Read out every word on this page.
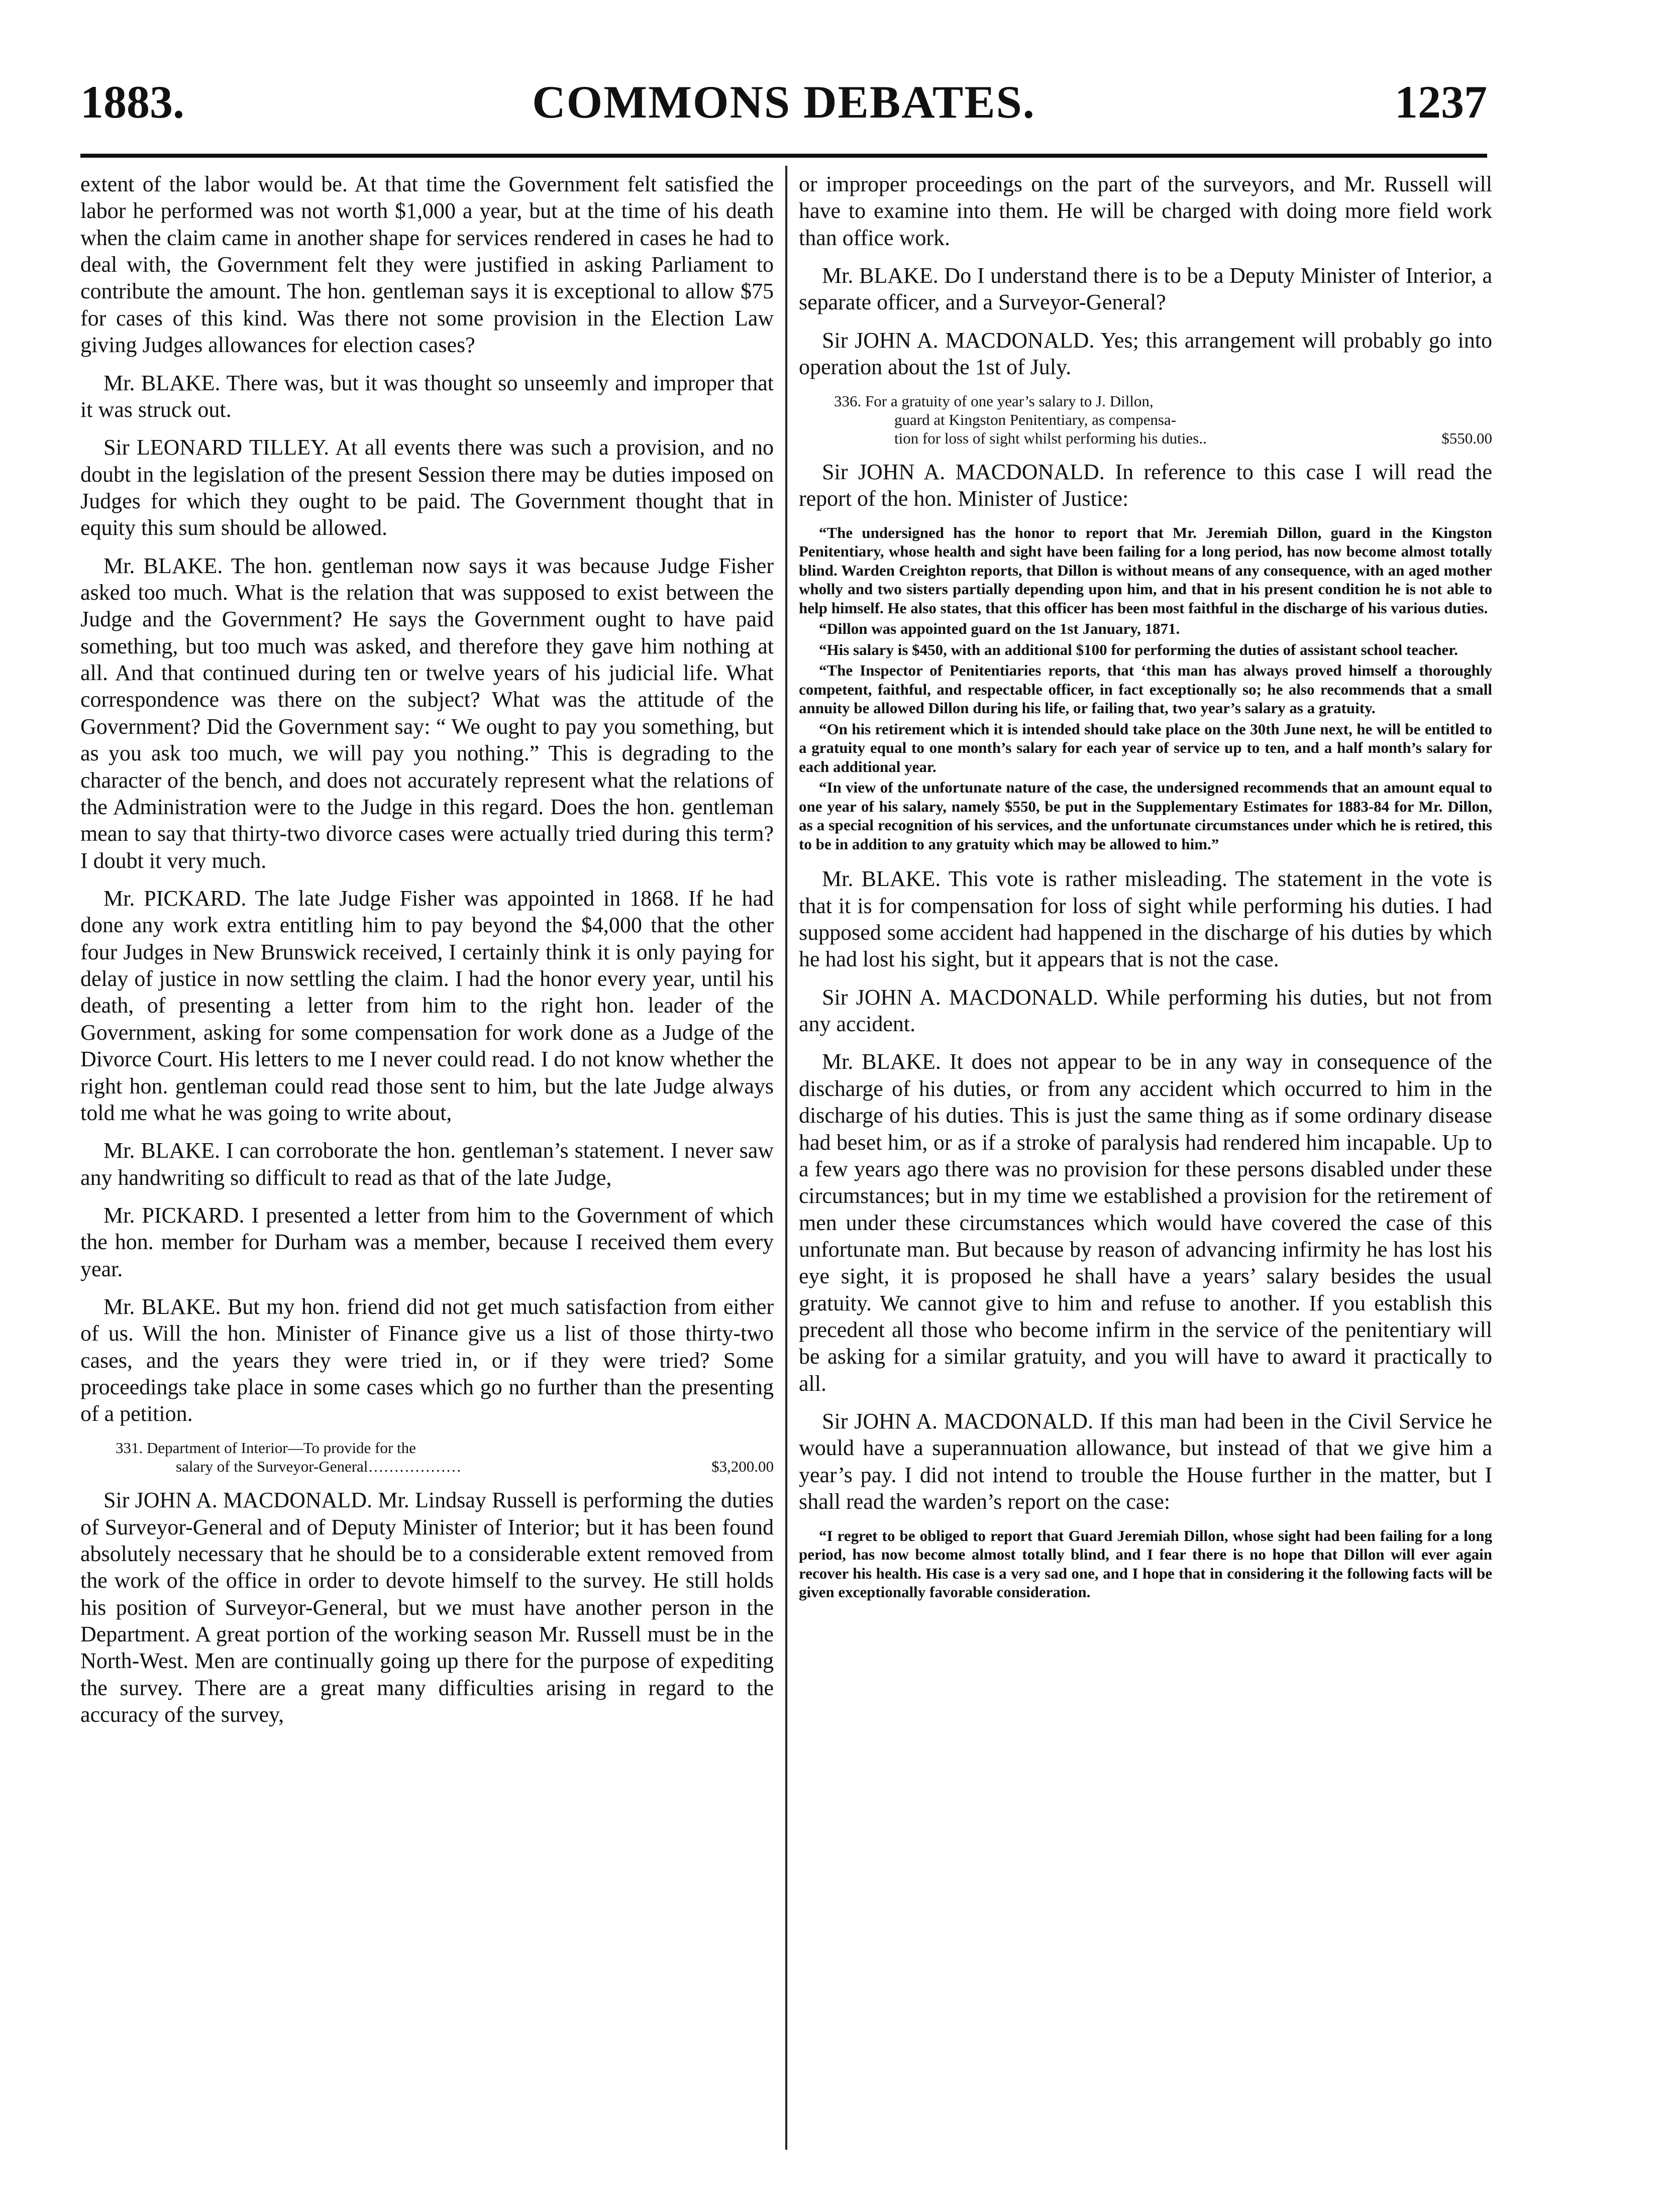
1883.	COMMONS DEBATES.	1237

extent of the labor would be. At that time the Government felt satisfied the labor he performed was not worth $1,000 a year, but at the time of his death when the claim came in another shape for services rendered in cases he had to deal with, the Government felt they were justified in asking Parliament to contribute the amount. The hon. gentleman says it is exceptional to allow $75 for cases of this kind. Was there not some provision in the Election Law giving Judges allowances for election cases?

Mr. BLAKE. There was, but it was thought so unseemly and improper that it was struck out.

Sir LEONARD TILLEY. At all events there was such a provision, and no doubt in the legislation of the present Session there may be duties imposed on Judges for which they ought to be paid. The Government thought that in equity this sum should be allowed.

Mr. BLAKE. The hon. gentleman now says it was because Judge Fisher asked too much. What is the relation that was supposed to exist between the Judge and the Government? He says the Government ought to have paid something, but too much was asked, and therefore they gave him nothing at all. And that continued during ten or twelve years of his judicial life. What correspondence was there on the subject? What was the attitude of the Government? Did the Government say: “ We ought to pay you something, but as you ask too much, we will pay you nothing.” This is degrading to the character of the bench, and does not accurately represent what the relations of the Administration were to the Judge in this regard. Does the hon. gentleman mean to say that thirty-two divorce cases were actually tried during this term? I doubt it very much.

Mr. PICKARD. The late Judge Fisher was appointed in 1868. If he had done any work extra entitling him to pay beyond the $4,000 that the other four Judges in New Brunswick received, I certainly think it is only paying for delay of justice in now settling the claim. I had the honor every year, until his death, of presenting a letter from him to the right hon. leader of the Government, asking for some compensation for work done as a Judge of the Divorce Court. His letters to me I never could read. I do not know whether the right hon. gentleman could read those sent to him, but the late Judge always told me what he was going to write about,

Mr. BLAKE. I can corroborate the hon. gentleman’s statement. I never saw any handwriting so difficult to read as that of the late Judge,

Mr. PICKARD. I presented a letter from him to the Government of which the hon. member for Durham was a member, because I received them every year.

Mr. BLAKE. But my hon. friend did not get much satisfaction from either of us. Will the hon. Minister of Finance give us a list of those thirty-two cases, and the years they were tried in, or if they were tried? Some proceedings take place in some cases which go no further than the presenting of a petition.

331. Department of Interior—To provide for the
salary of the Surveyor-General………………	$3,200.00

Sir JOHN A. MACDONALD. Mr. Lindsay Russell is performing the duties of Surveyor-General and of Deputy Minister of Interior; but it has been found absolutely necessary that he should be to a considerable extent removed from the work of the office in order to devote himself to the survey. He still holds his position of Surveyor-General, but we must have another person in the Department. A great portion of the working season Mr. Russell must be in the North-West. Men are continually going up there for the purpose of expediting the survey. There are a great many difficulties arising in regard to the accuracy of the survey,

or improper proceedings on the part of the surveyors, and Mr. Russell will have to examine into them. He will be charged with doing more field work than office work.

Mr. BLAKE. Do I understand there is to be a Deputy Minister of Interior, a separate officer, and a Surveyor-General?

Sir JOHN A. MACDONALD. Yes; this arrangement will probably go into operation about the 1st of July.

336. For a gratuity of one year’s salary to J. Dillon,
guard at Kingston Penitentiary, as compensa-
tion for loss of sight whilst performing his duties..	$550.00

Sir JOHN A. MACDONALD. In reference to this case I will read the report of the hon. Minister of Justice:

“The undersigned has the honor to report that Mr. Jeremiah Dillon, guard in the Kingston Penitentiary, whose health and sight have been failing for a long period, has now become almost totally blind. Warden Creighton reports, that Dillon is without means of any consequence, with an aged mother wholly and two sisters partially depending upon him, and that in his present condition he is not able to help himself. He also states, that this officer has been most faithful in the discharge of his various duties.

“Dillon was appointed guard on the 1st January, 1871.

“His salary is $450, with an additional $100 for performing the duties of assistant school teacher.

“The Inspector of Penitentiaries reports, that ‘this man has always proved himself a thoroughly competent, faithful, and respectable officer, in fact exceptionally so; he also recommends that a small annuity be allowed Dillon during his life, or failing that, two year’s salary as a gratuity.

“On his retirement which it is intended should take place on the 30th June next, he will be entitled to a gratuity equal to one month’s salary for each year of service up to ten, and a half month’s salary for each additional year.

“In view of the unfortunate nature of the case, the undersigned recommends that an amount equal to one year of his salary, namely $550, be put in the Supplementary Estimates for 1883-84 for Mr. Dillon, as a special recognition of his services, and the unfortunate circumstances under which he is retired, this to be in addition to any gratuity which may be allowed to him.”

Mr. BLAKE. This vote is rather misleading. The statement in the vote is that it is for compensation for loss of sight while performing his duties. I had supposed some accident had happened in the discharge of his duties by which he had lost his sight, but it appears that is not the case.

Sir JOHN A. MACDONALD. While performing his duties, but not from any accident.

Mr. BLAKE. It does not appear to be in any way in consequence of the discharge of his duties, or from any accident which occurred to him in the discharge of his duties. This is just the same thing as if some ordinary disease had beset him, or as if a stroke of paralysis had rendered him incapable. Up to a few years ago there was no provision for these persons disabled under these circumstances; but in my time we established a provision for the retirement of men under these circumstances which would have covered the case of this unfortunate man. But because by reason of advancing infirmity he has lost his eye sight, it is proposed he shall have a years’ salary besides the usual gratuity. We cannot give to him and refuse to another. If you establish this precedent all those who become infirm in the service of the penitentiary will be asking for a similar gratuity, and you will have to award it practically to all.

Sir JOHN A. MACDONALD. If this man had been in the Civil Service he would have a superannuation allowance, but instead of that we give him a year’s pay. I did not intend to trouble the House further in the matter, but I shall read the warden’s report on the case:

“I regret to be obliged to report that Guard Jeremiah Dillon, whose sight had been failing for a long period, has now become almost totally blind, and I fear there is no hope that Dillon will ever again recover his health. His case is a very sad one, and I hope that in considering it the following facts will be given exceptionally favorable consideration.
